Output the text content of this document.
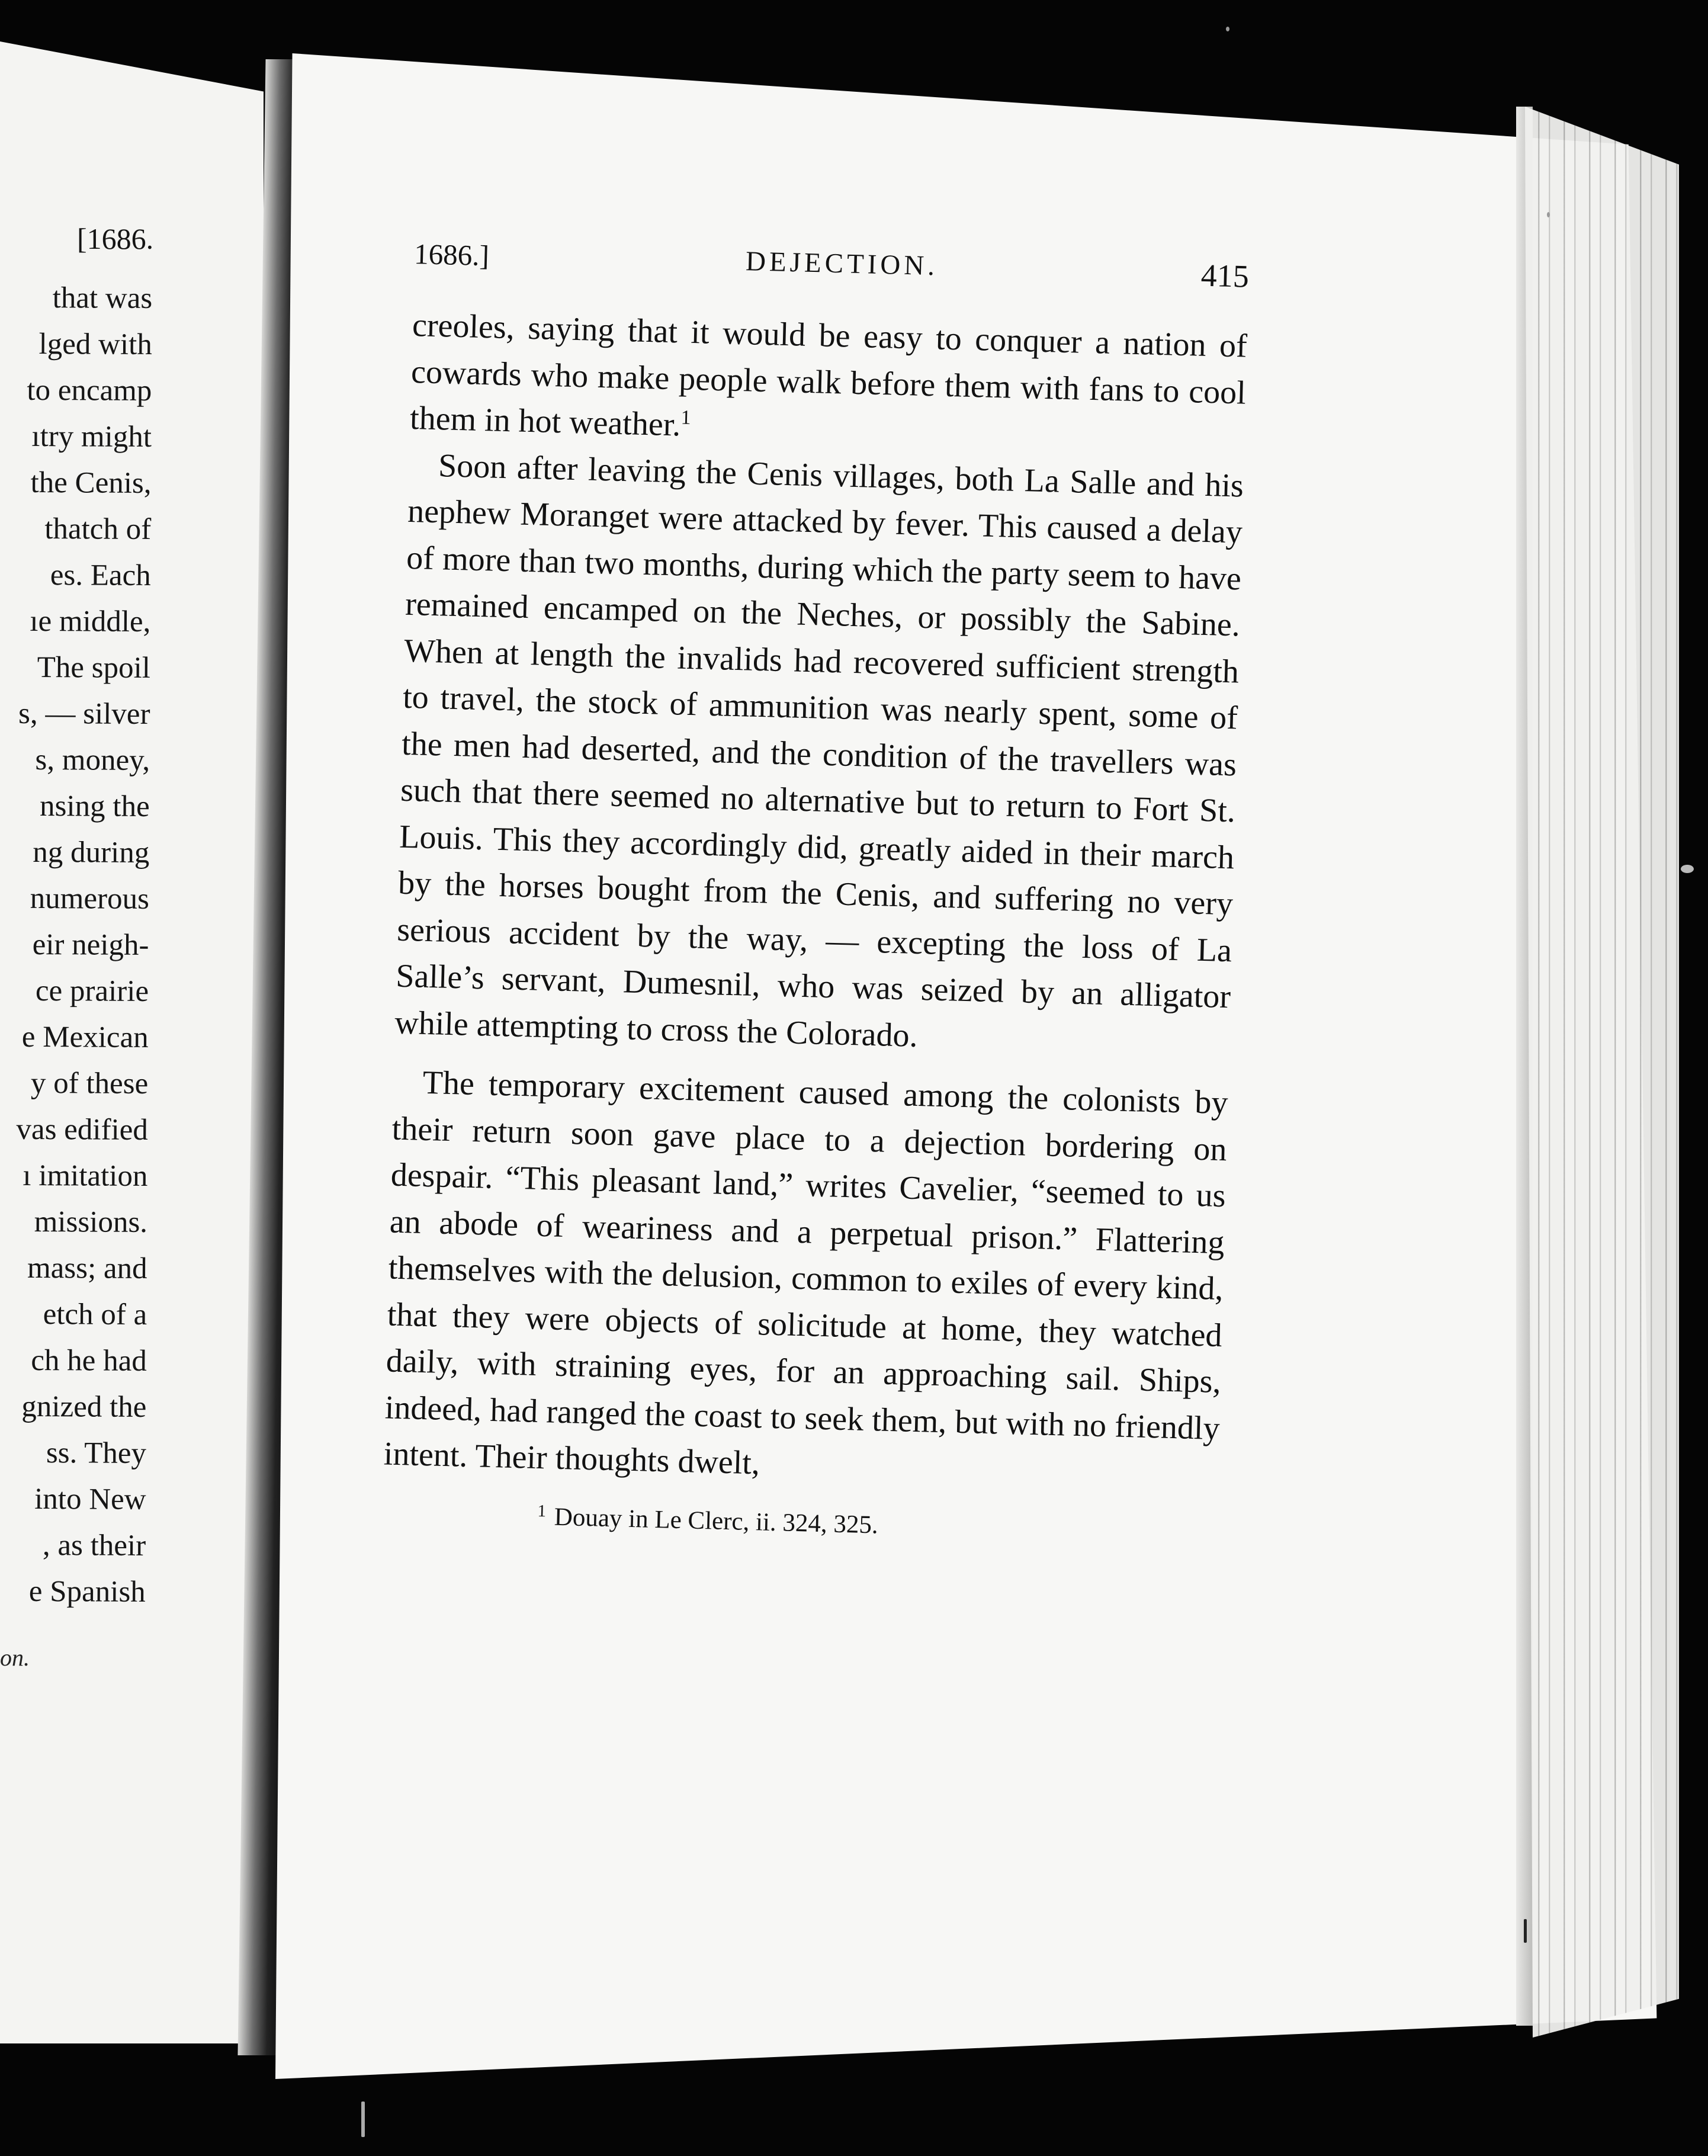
[1686.
that was
lged with
to encamp
ıtry might
the Cenis,
thatch of
es. Each
ıe middle,
The spoil
s, — silver
s, money,
nsing the
ng during
numerous
eir neigh-
ce prairie
e Mexican
y of these
vas edified
ı imitation
missions.
mass; and
etch of a
ch he had
gnized the
ss. They
into New
, as their
e Spanish
on.
1686.]	DEJECTION.	415

creoles, saying that it would be easy to conquer a nation of cowards who make people walk before them with fans to cool them in hot weather.$^1$

Soon after leaving the Cenis villages, both La Salle and his nephew Moranget were attacked by fever. This caused a delay of more than two months, during which the party seem to have remained encamped on the Neches, or possibly the Sabine. When at length the invalids had recovered sufficient strength to travel, the stock of ammunition was nearly spent, some of the men had deserted, and the condition of the travellers was such that there seemed no alternative but to return to Fort St. Louis. This they accordingly did, greatly aided in their march by the horses bought from the Cenis, and suffering no very serious accident by the way, — excepting the loss of La Salle’s servant, Dumesnil, who was seized by an alligator while attempting to cross the Colorado.

The temporary excitement caused among the colonists by their return soon gave place to a dejection bordering on despair. “This pleasant land,” writes Cavelier, “seemed to us an abode of weariness and a perpetual prison.” Flattering themselves with the delusion, common to exiles of every kind, that they were objects of solicitude at home, they watched daily, with straining eyes, for an approaching sail. Ships, indeed, had ranged the coast to seek them, but with no friendly intent. Their thoughts dwelt,

$^1$ Douay in Le Clerc, ii. 324, 325.
